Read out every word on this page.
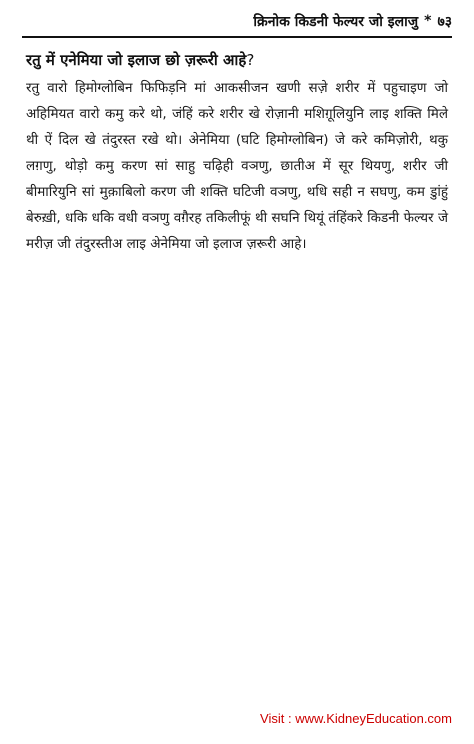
क्रिनोक किडनी फेल्यर जो इलाजु * ७३
रतु में एनेमिया जो इलाज छो ज़रूरी आहे?

रतु वारो हिमोग्लोबिन फिफिड़नि मां आकसीजन खणी सज़े शरीर में पहुचाइण जो अहिमियत वारो कमु करे थो, जंहिं करे शरीर खे रोज़ानी मशिग़ूलियुनि लाइ शक्ति मिले थी ऐं दिल खे तंदुरस्त रखे थो। अेनेमिया (घटि हिमोग्लोबिन) जे करे कमिज़ोरी, थकु लग़णु, थोड़ो कमु करण सां साहु चढ़िही वञणु, छातीअ में सूर थियणु, शरीर जी बीमारियुनि सां मुक़ाबिलो करण जी शक्ति घटिजी वञणु, थधि सही न सघणु, कम डुांहुं बेरुख़ी, धकि धकि वधी वञणु वग़ैरह तकिलीफूं थी सघनि थियूं तंहिंकरे किडनी फेल्यर जे मरीज़ जी तंदुरस्तीअ लाइ अेनेमिया जो इलाज ज़रूरी आहे।

Visit : www.KidneyEducation.com
